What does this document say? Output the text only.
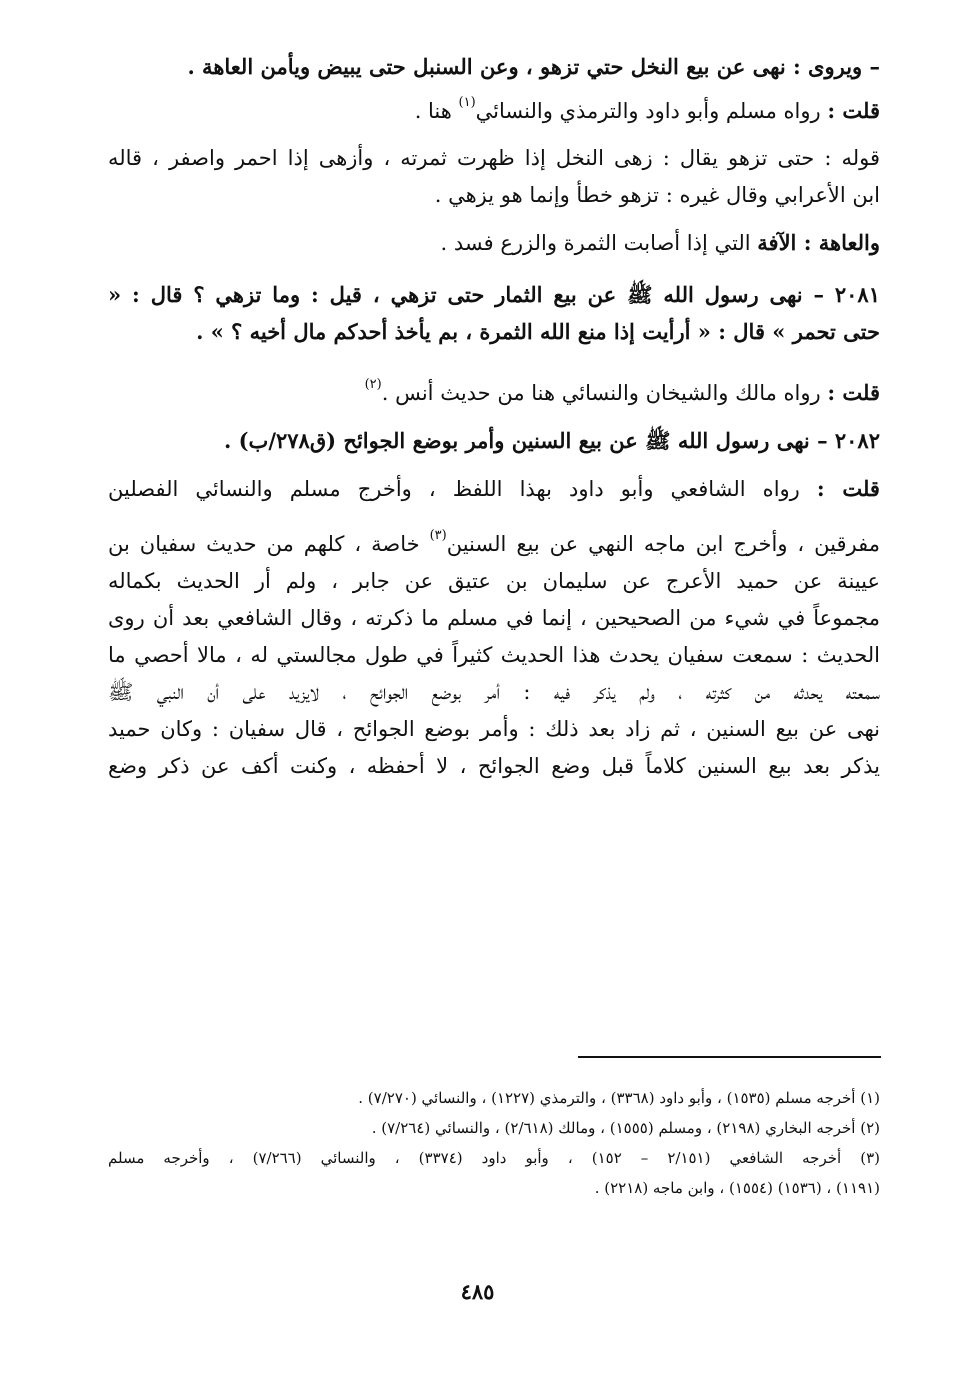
– ويروى : نهى عن بيع النخل حتي تزهو ، وعن السنبل حتى يبيض ويأمن العاهة .

قلت : رواه مسلم وأبو داود والترمذي والنسائي$^{(١)}$ هنا .

قوله : حتى تزهو يقال : زهى النخل إذا ظهرت ثمرته ، وأزهى إذا احمر واصفر ، قاله

ابن الأعرابي وقال غيره : تزهو خطأ وإنما هو يزهي .

والعاهة : الآفة التي إذا أصابت الثمرة والزرع فسد .

٢٠٨١ – نهى رسول الله ﷺ عن بيع الثمار حتى تزهي ، قيل : وما تزهي ؟ قال : «

حتى تحمر » قال : « أرأيت إذا منع الله الثمرة ، بم يأخذ أحدكم مال أخيه ؟ » .

قلت : رواه مالك والشيخان والنسائي هنا من حديث أنس .$^{(٢)}$

٢٠٨٢ – نهى رسول الله ﷺ عن بيع السنين وأمر بوضع الجوائح (ق٢٧٨/ب) .

قلت : رواه الشافعي وأبو داود بهذا اللفظ ، وأخرج مسلم والنسائي الفصلين

مفرقين ، وأخرج ابن ماجه النهي عن بيع السنين$^{(٣)}$ خاصة ، كلهم من حديث سفيان بن

عيينة عن حميد الأعرج عن سليمان بن عتيق عن جابر ، ولم أر الحديث بكماله

مجموعاً في شيء من الصحيحين ، إنما في مسلم ما ذكرته ، وقال الشافعي بعد أن روى

الحديث : سمعت سفيان يحدث هذا الحديث كثيراً في طول مجالستي له ، مالا أحصي ما

سمعته يحدثه من كثرته ، ولم يذكر فيه : أمر بوضع الجوائح ، لايزيد على أن النبي ﷺ

نهى عن بيع السنين ، ثم زاد بعد ذلك : وأمر بوضع الجوائح ، قال سفيان : وكان حميد

يذكر بعد بيع السنين كلاماً قبل وضع الجوائح ، لا أحفظه ، وكنت أكف عن ذكر وضع

(١) أخرجه مسلم (١٥٣٥) ، وأبو داود (٣٣٦٨) ، والترمذي (١٢٢٧) ، والنسائي (٧/٢٧٠) .

(٢) أخرجه البخاري (٢١٩٨) ، ومسلم (١٥٥٥) ، ومالك (٢/٦١٨) ، والنسائي (٧/٢٦٤) .

(٣) أخرجه الشافعي (٢/١٥١ – ١٥٢) ، وأبو داود (٣٣٧٤) ، والنسائي (٧/٢٦٦) ، وأخرجه مسلم

(١١٩١) ، (١٥٣٦) (١٥٥٤) ، وابن ماجه (٢٢١٨) .

٤٨٥
